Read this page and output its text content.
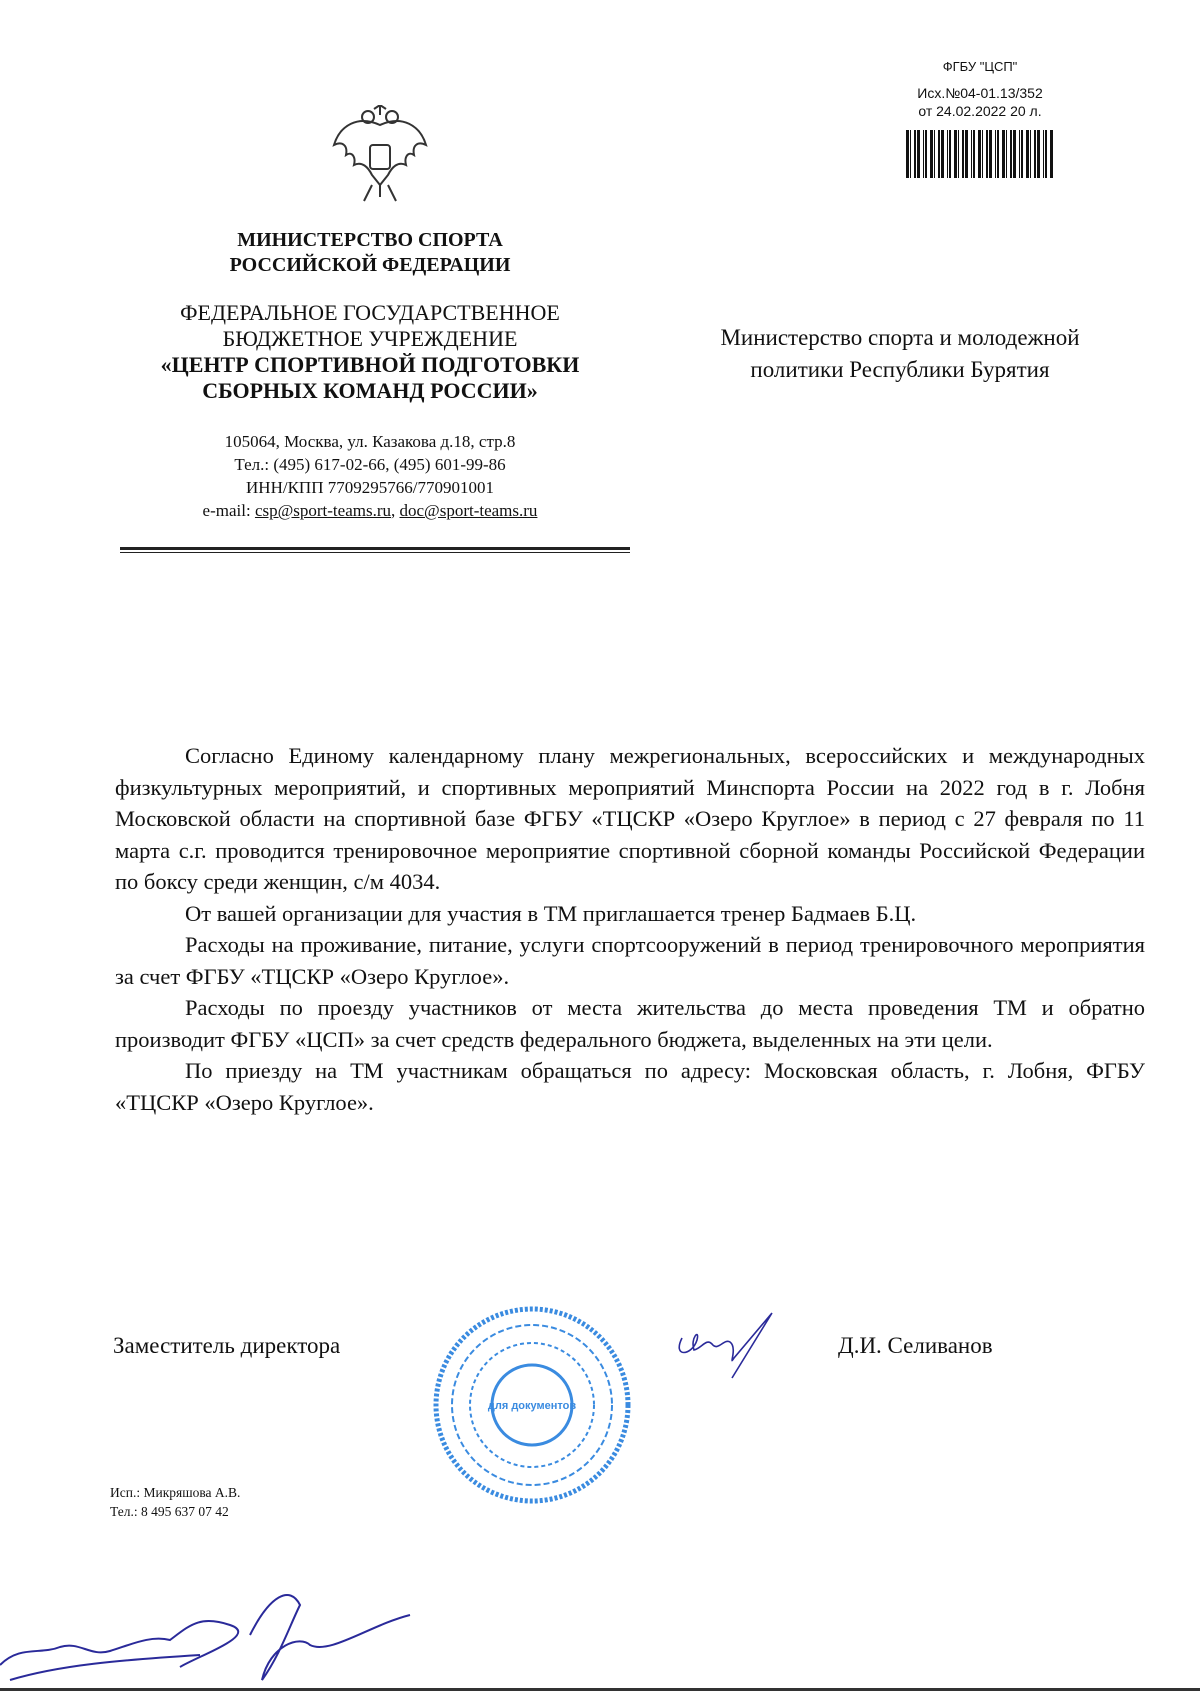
ФГБУ "ЦСП"
Исх.№04-01.13/352
от 24.02.2022 20 л.
МИНИСТЕРСТВО СПОРТА
РОССИЙСКОЙ ФЕДЕРАЦИИ
ФЕДЕРАЛЬНОЕ ГОСУДАРСТВЕННОЕ
БЮДЖЕТНОЕ УЧРЕЖДЕНИЕ
«ЦЕНТР СПОРТИВНОЙ ПОДГОТОВКИ
СБОРНЫХ КОМАНД РОССИИ»
105064, Москва, ул. Казакова д.18, стр.8
Тел.: (495) 617-02-66, (495) 601-99-86
ИНН/КПП 7709295766/770901001
e-mail: csp@sport-teams.ru, doc@sport-teams.ru
Министерство спорта и молодежной
политики Республики Бурятия

Согласно Единому календарному плану межрегиональных, всероссийских и международных физкультурных мероприятий, и спортивных мероприятий Минспорта России на 2022 год в г. Лобня Московской области на спортивной базе ФГБУ «ТЦСКР «Озеро Круглое» в период с 27 февраля по 11 марта с.г. проводится тренировочное мероприятие спортивной сборной команды Российской Федерации по боксу среди женщин, с/м 4034.

От вашей организации для участия в ТМ приглашается тренер Бадмаев Б.Ц.

Расходы на проживание, питание, услуги спортсооружений в период тренировочного мероприятия за счет ФГБУ «ТЦСКР «Озеро Круглое».

Расходы по проезду участников от места жительства до места проведения ТМ и обратно производит ФГБУ «ЦСП» за счет средств федерального бюджета, выделенных на эти цели.

По приезду на ТМ участникам обращаться по адресу: Московская область, г. Лобня, ФГБУ «ТЦСКР «Озеро Круглое».

Заместитель директора	Д.И. Селиванов
для документов
Исп.: Микряшова А.В.
Тел.: 8 495 637 07 42
